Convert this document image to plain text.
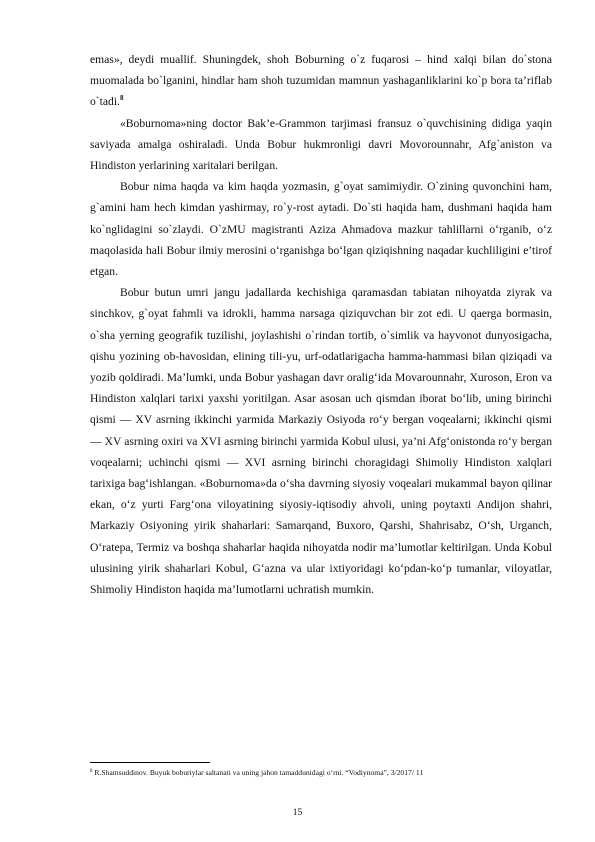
emas», deydi muallif. Shuningdek, shoh Boburning o`z fuqarosi – hind xalqi bilan do`stona muomalada bo`lganini, hindlar ham shoh tuzumidan mamnun yashaganliklarini ko`p bora ta’riflab o`tadi.$^8$

«Boburnoma»ning doctor Bak’e-Grammon tarjimasi fransuz o`quvchisining didiga yaqin saviyada amalga oshiraladi. Unda Bobur hukmronligi davri Movorounnahr, Afg`aniston va Hindiston yerlarining xaritalari berilgan.

Bobur nima haqda va kim haqda yozmasin, g`oyat samimiydir. O`zining quvonchini ham, g`amini ham hech kimdan yashirmay, ro`y-rost aytadi. Do`sti haqida ham, dushmani haqida ham ko`nglidagini so`zlaydi. O`zMU magistranti Aziza Ahmadova mazkur tahlillarni o‘rganib, o‘z maqolasida hali Bobur ilmiy merosini o‘rganishga bo‘lgan qiziqishning naqadar kuchliligini e’tirof etgan.

Bobur butun umri jangu jadallarda kechishiga qaramasdan tabiatan nihoyatda ziyrak va sinchkov, g`oyat fahmli va idrokli, hamma narsaga qiziquvchan bir zot edi. U qaerga bormasin, o`sha yerning geografik tuzilishi, joylashishi o`rindan tortib, o`simlik va hayvonot dunyosigacha, qishu yozining ob-havosidan, elining tili-yu, urf-odatlarigacha hamma-hammasi bilan qiziqadi va yozib qoldiradi. Ma’lumki, unda Bobur yashagan davr oralig‘ida Movarounnahr, Xuroson, Eron va Hindiston xalqlari tarixi yaxshi yoritilgan. Asar asosan uch qismdan iborat bo‘lib, uning birinchi qismi — XV asrning ikkinchi yarmida Markaziy Osiyoda ro‘y bergan voqealarni; ikkinchi qismi — XV asrning oxiri va XVI asrning birinchi yarmida Kobul ulusi, ya’ni Afg‘onistonda ro‘y bergan voqealarni; uchinchi qismi — XVI asrning birinchi choragidagi Shimoliy Hindiston xalqlari tarixiga bag‘ishlangan. «Boburnoma»da o‘sha davrning siyosiy voqealari mukammal bayon qilinar ekan, o‘z yurti Farg‘ona viloyatining siyosiy-iqtisodiy ahvoli, uning poytaxti Andijon shahri, Markaziy Osiyoning yirik shaharlari: Samarqand, Buxoro, Qarshi, Shahrisabz, O‘sh, Urganch, O‘ratepa, Termiz va boshqa shaharlar haqida nihoyatda nodir ma’lumotlar keltirilgan. Unda Kobul ulusining yirik shaharlari Kobul, G‘azna va ular ixtiyoridagi ko‘pdan-ko‘p tumanlar, viloyatlar, Shimoliy Hindiston haqida ma’lumotlarni uchratish mumkin.

$^8$ R.Shamsuddinov. Buyuk boburiylar saltanati va uning jahon tamaddunidagi o‘rni. “Vodiynoma”, 3/2017/ 11
15
